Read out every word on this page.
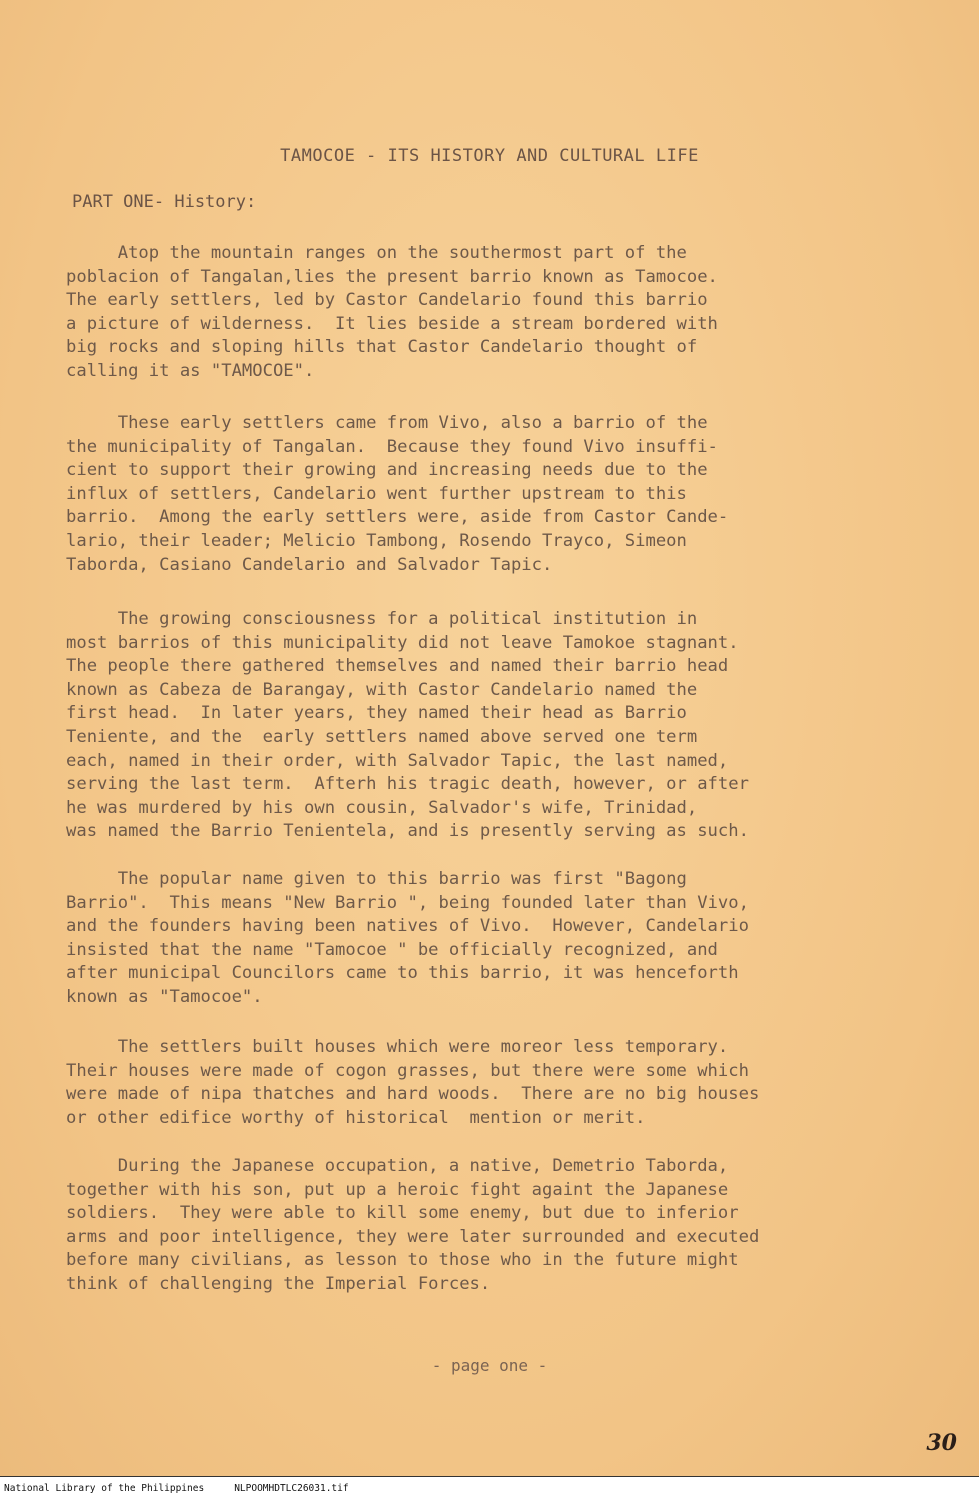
TAMOCOE - ITS HISTORY AND CULTURAL LIFE
PART ONE- History:
Atop the mountain ranges on the southermost part of the
poblacion of Tangalan,lies the present barrio known as Tamocoe.
The early settlers, led by Castor Candelario found this barrio
a picture of wilderness.  It lies beside a stream bordered with
big rocks and sloping hills that Castor Candelario thought of
calling it as "TAMOCOE".
These early settlers came from Vivo, also a barrio of the
the municipality of Tangalan.  Because they found Vivo insuffi-
cient to support their growing and increasing needs due to the
influx of settlers, Candelario went further upstream to this
barrio.  Among the early settlers were, aside from Castor Cande-
lario, their leader; Melicio Tambong, Rosendo Trayco, Simeon
Taborda, Casiano Candelario and Salvador Tapic.
The growing consciousness for a political institution in
most barrios of this municipality did not leave Tamokoe stagnant.
The people there gathered themselves and named their barrio head
known as Cabeza de Barangay, with Castor Candelario named the
first head.  In later years, they named their head as Barrio
Teniente, and the  early settlers named above served one term
each, named in their order, with Salvador Tapic, the last named,
serving the last term.  Afterh his tragic death, however, or after
he was murdered by his own cousin, Salvador's wife, Trinidad,
was named the Barrio Tenientela, and is presently serving as such.
The popular name given to this barrio was first "Bagong
Barrio".  This means "New Barrio ", being founded later than Vivo,
and the founders having been natives of Vivo.  However, Candelario
insisted that the name "Tamocoe " be officially recognized, and
after municipal Councilors came to this barrio, it was henceforth
known as "Tamocoe".
The settlers built houses which were moreor less temporary.
Their houses were made of cogon grasses, but there were some which
were made of nipa thatches and hard woods.  There are no big houses
or other edifice worthy of historical  mention or merit.
During the Japanese occupation, a native, Demetrio Taborda,
together with his son, put up a heroic fight againt the Japanese
soldiers.  They were able to kill some enemy, but due to inferior
arms and poor intelligence, they were later surrounded and executed
before many civilians, as lesson to those who in the future might
think of challenging the Imperial Forces.
- page one -
30
National Library of the Philippines	NLPOOMHDTLC26031.tif
